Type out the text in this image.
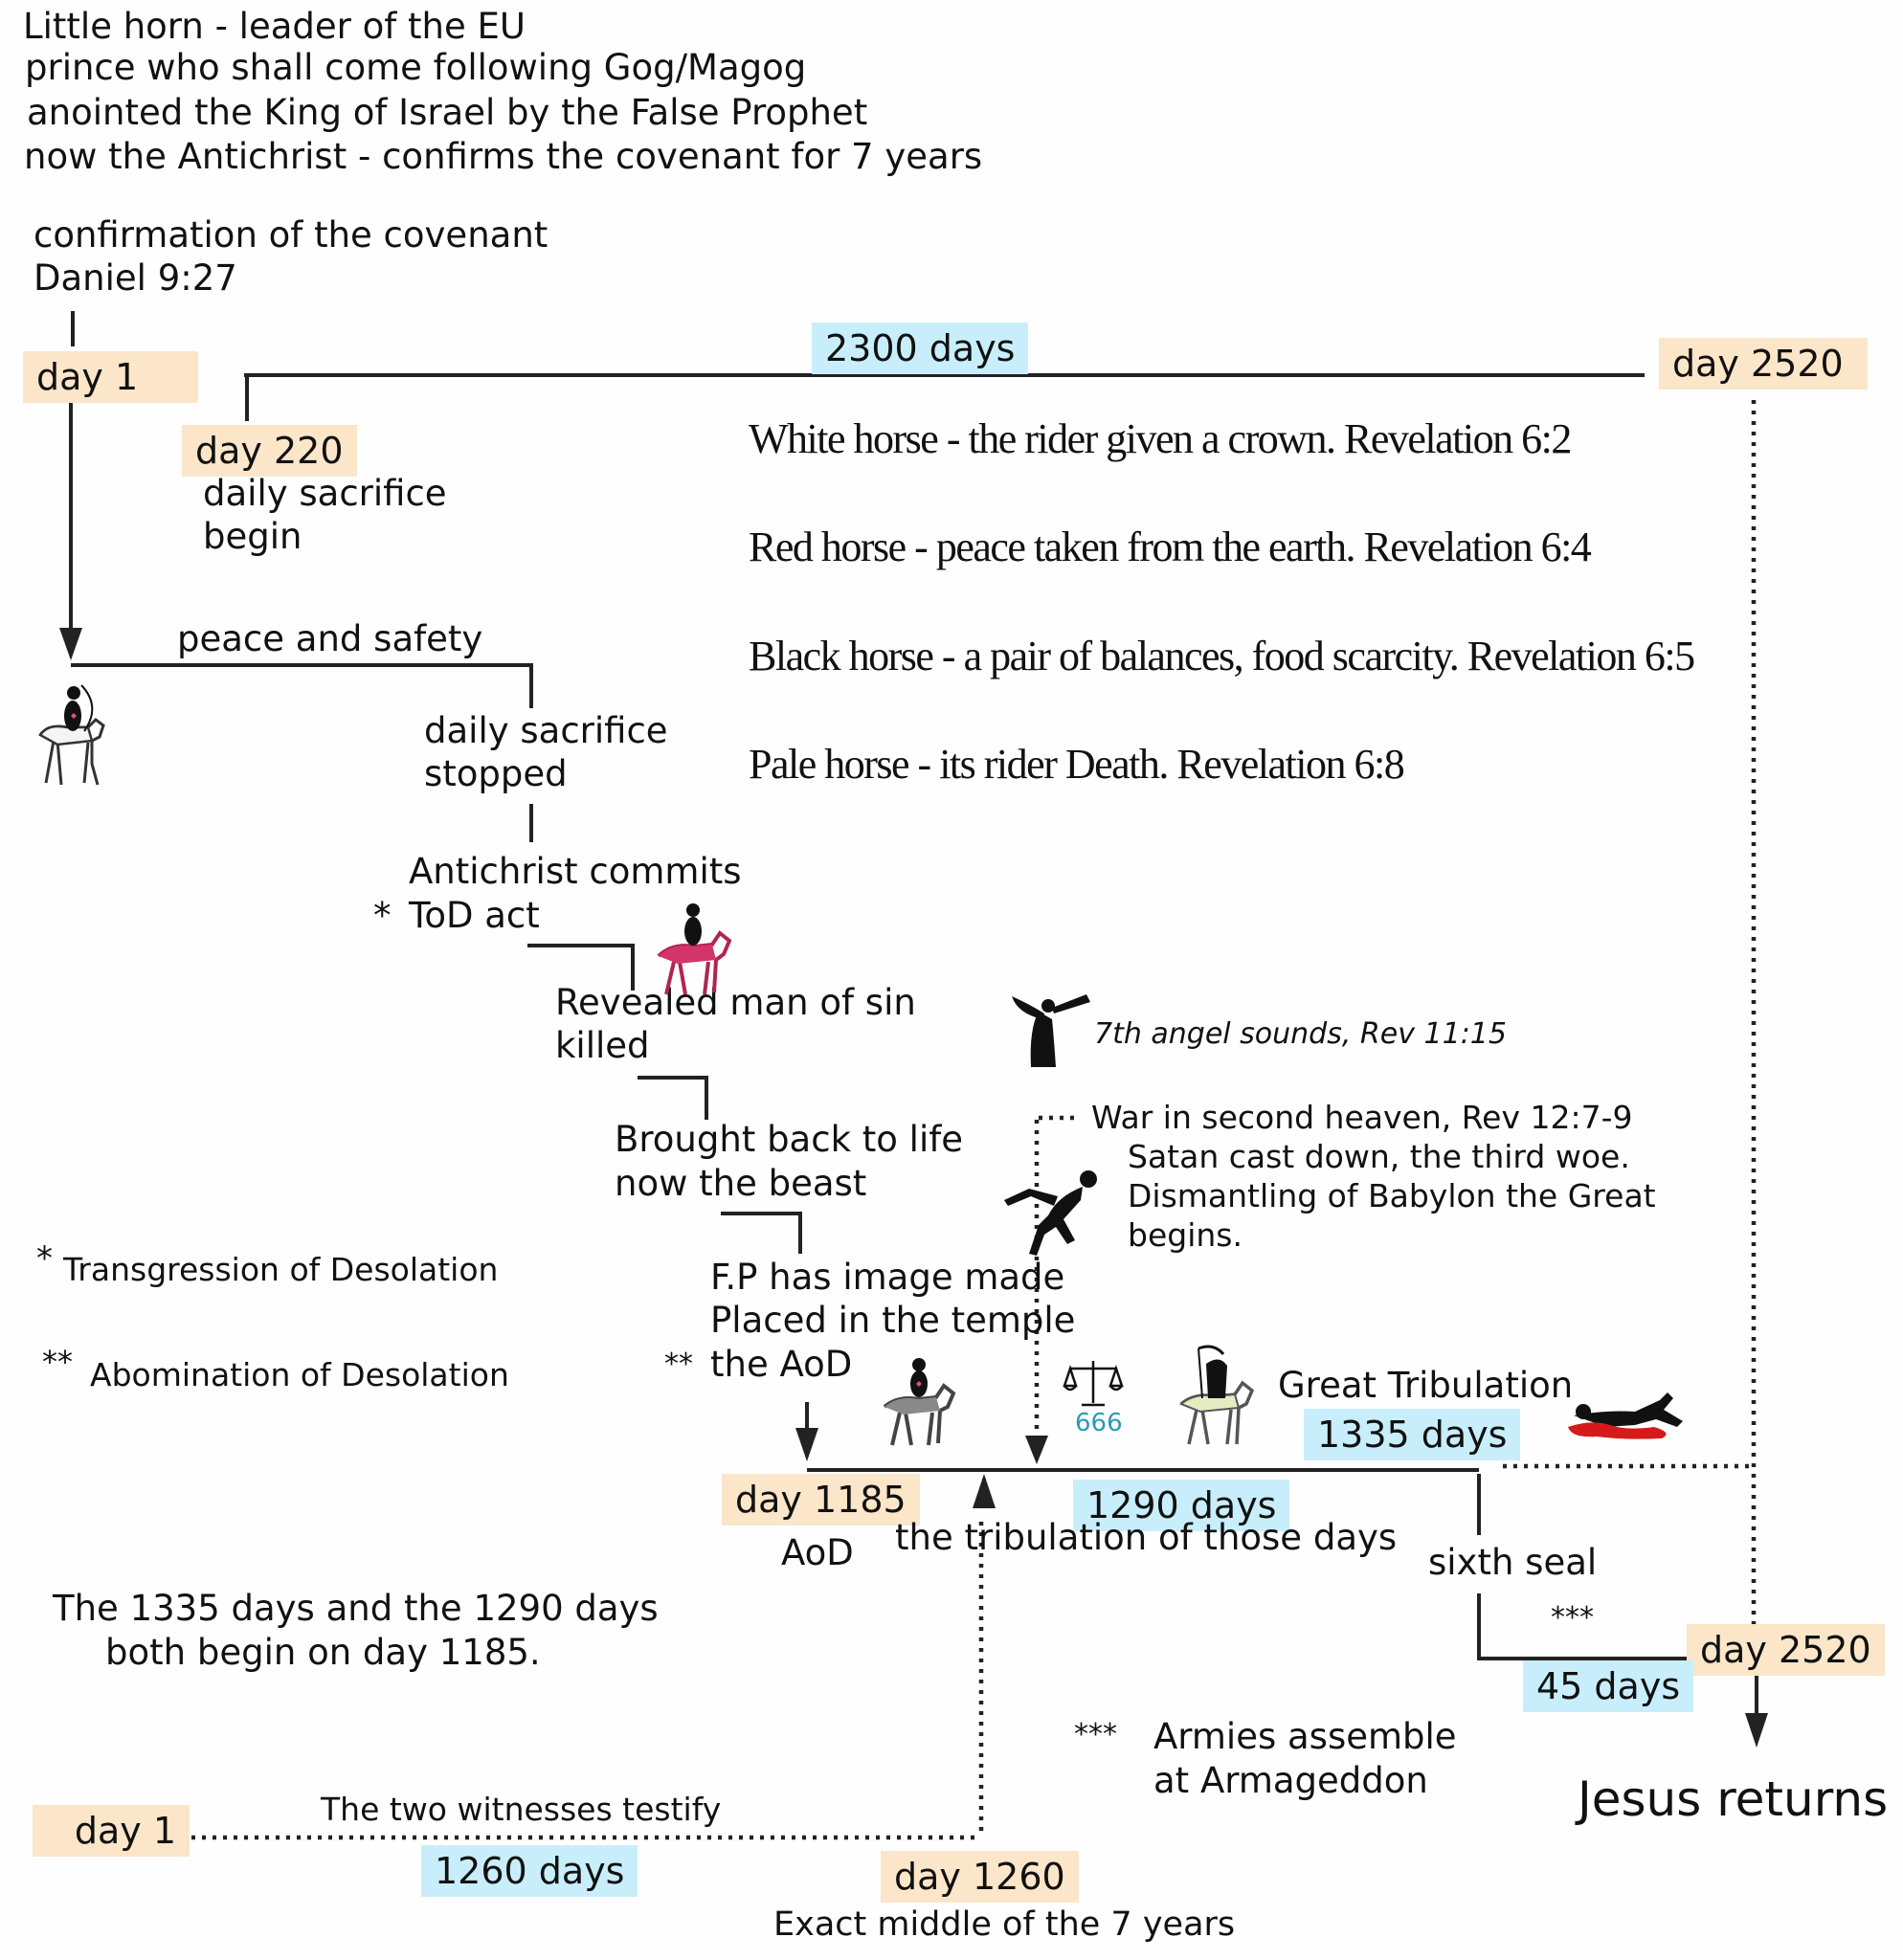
Little horn - leader of the EU
prince who shall come following Gog/Magog
anointed the King of Israel by the False Prophet
now the Antichrist - confirms the covenant for 7 years
confirmation of the covenant
Daniel 9:27
day 1	day 2520
2300 days
day 220
day 1185	1290 days
1335 days
day 2520
45 days
day 1
1260 days	day 1260
daily sacrifice
begin
peace and safety
daily sacrifice
stopped
Antichrist commits
* ToD act
Revealed man of sin
killed
Brought back to life
now the beast
F.P has image made
Placed in the temple
** the AoD
* Transgression of Desolation
** Abomination of Desolation
AoD the tribulation of those days
sixth seal
***
The 1335 days and the 1290 days
both begin on day 1185.
*** Armies assemble
at Armageddon	Jesus returns
The two witnesses testify
Exact middle of the 7 years
Great Tribulation
666
7th angel sounds, Rev 11:15
War in second heaven, Rev 12:7-9
Satan cast down, the third woe.
Dismantling of Babylon the Great
begins.
White horse - the rider given a crown. Revelation 6:2
Red horse - peace taken from the earth. Revelation 6:4
Black horse - a pair of balances, food scarcity. Revelation 6:5
Pale horse - its rider Death. Revelation 6:8
